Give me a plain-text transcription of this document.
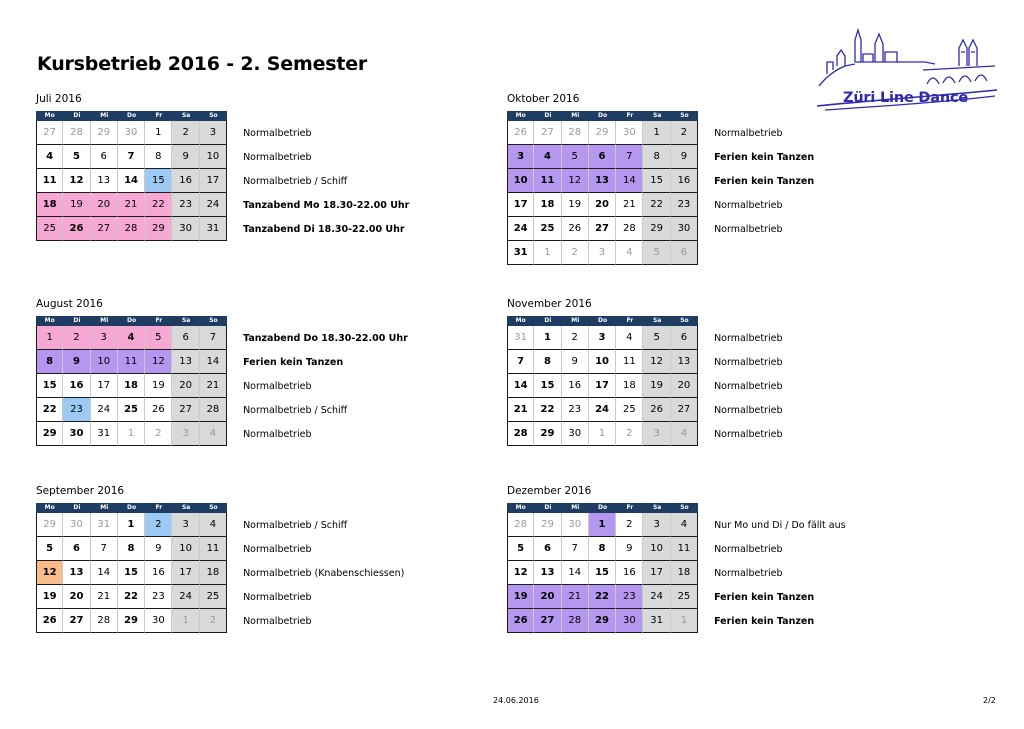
Kursbetrieb 2016 - 2. Semester
Züri Line Dance
Juli 2016
Mo	Di	Mi	Do	Fr	Sa	So
27	28	29	30	1	2	3	Normalbetrieb
4	5	6	7	8	9	10	Normalbetrieb
11	12	13	14	15	16	17	Normalbetrieb / Schiff
18	19	20	21	22	23	24	Tanzabend Mo 18.30-22.00 Uhr
25	26	27	28	29	30	31	Tanzabend Di 18.30-22.00 Uhr
Oktober 2016
Mo	Di	Mi	Do	Fr	Sa	So
26	27	28	29	30	1	2	Normalbetrieb
3	4	5	6	7	8	9	Ferien kein Tanzen
10	11	12	13	14	15	16	Ferien kein Tanzen
17	18	19	20	21	22	23	Normalbetrieb
24	25	26	27	28	29	30	Normalbetrieb
31	1	2	3	4	5	6
August 2016
Mo	Di	Mi	Do	Fr	Sa	So
1	2	3	4	5	6	7	Tanzabend Do 18.30-22.00 Uhr
8	9	10	11	12	13	14	Ferien kein Tanzen
15	16	17	18	19	20	21	Normalbetrieb
22	23	24	25	26	27	28	Normalbetrieb / Schiff
29	30	31	1	2	3	4	Normalbetrieb
November 2016
Mo	Di	Mi	Do	Fr	Sa	So
31	1	2	3	4	5	6	Normalbetrieb
7	8	9	10	11	12	13	Normalbetrieb
14	15	16	17	18	19	20	Normalbetrieb
21	22	23	24	25	26	27	Normalbetrieb
28	29	30	1	2	3	4	Normalbetrieb
September 2016
Mo	Di	Mi	Do	Fr	Sa	So
29	30	31	1	2	3	4	Normalbetrieb / Schiff
5	6	7	8	9	10	11	Normalbetrieb
12	13	14	15	16	17	18	Normalbetrieb (Knabenschiessen)
19	20	21	22	23	24	25	Normalbetrieb
26	27	28	29	30	1	2	Normalbetrieb
Dezember 2016
Mo	Di	Mi	Do	Fr	Sa	So
28	29	30	1	2	3	4	Nur Mo und Di / Do fällt aus
5	6	7	8	9	10	11	Normalbetrieb
12	13	14	15	16	17	18	Normalbetrieb
19	20	21	22	23	24	25	Ferien kein Tanzen
26	27	28	29	30	31	1	Ferien kein Tanzen
24.06.2016	2/2
